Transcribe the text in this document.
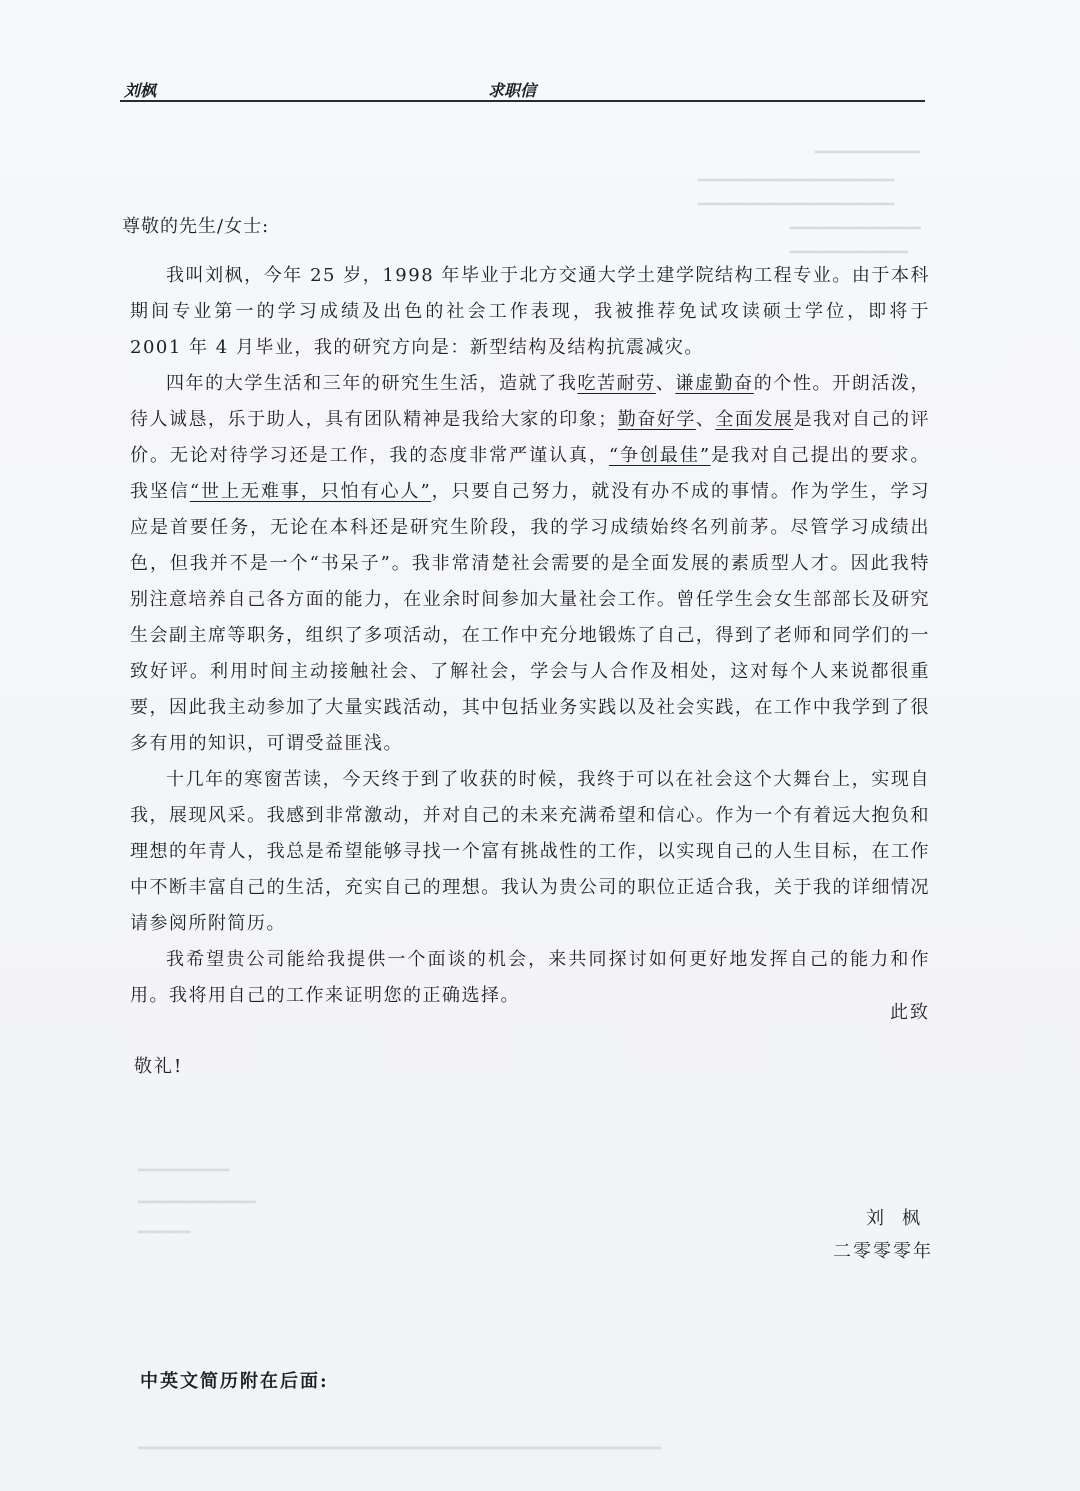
▁▁▁▁▁▁▁▁
▁▁▁▁▁▁▁▁▁▁▁▁▁▁▁
▁▁▁▁▁▁▁▁▁▁▁▁▁▁▁
▁▁▁▁▁▁▁▁▁▁
▁▁▁▁▁▁▁▁▁
▁▁▁▁▁▁▁
▁▁▁▁▁▁▁▁▁
▁▁▁▁
▁▁▁▁▁▁▁▁▁▁▁▁▁▁▁▁▁▁▁▁▁▁▁▁▁▁▁▁▁▁▁▁▁▁▁▁▁▁▁▁
刘枫	求职信
尊敬的先生/女士:

我叫刘枫，今年 25 岁，1998 年毕业于北方交通大学土建学院结构工程专业。由于本科期间专业第一的学习成绩及出色的社会工作表现，我被推荐免试攻读硕士学位，即将于 2001 年 4 月毕业，我的研究方向是：新型结构及结构抗震减灾。

四年的大学生活和三年的研究生生活，造就了我吃苦耐劳、谦虚勤奋的个性。开朗活泼，待人诚恳，乐于助人，具有团队精神是我给大家的印象；勤奋好学、全面发展是我对自己的评价。无论对待学习还是工作，我的态度非常严谨认真，“争创最佳”是我对自己提出的要求。我坚信“世上无难事，只怕有心人”，只要自己努力，就没有办不成的事情。作为学生，学习应是首要任务，无论在本科还是研究生阶段，我的学习成绩始终名列前茅。尽管学习成绩出色，但我并不是一个“书呆子”。我非常清楚社会需要的是全面发展的素质型人才。因此我特别注意培养自己各方面的能力，在业余时间参加大量社会工作。曾任学生会女生部部长及研究生会副主席等职务，组织了多项活动，在工作中充分地锻炼了自己，得到了老师和同学们的一致好评。利用时间主动接触社会、了解社会，学会与人合作及相处，这对每个人来说都很重要，因此我主动参加了大量实践活动，其中包括业务实践以及社会实践，在工作中我学到了很多有用的知识，可谓受益匪浅。

十几年的寒窗苦读，今天终于到了收获的时候，我终于可以在社会这个大舞台上，实现自我，展现风采。我感到非常激动，并对自己的未来充满希望和信心。作为一个有着远大抱负和理想的年青人，我总是希望能够寻找一个富有挑战性的工作，以实现自己的人生目标，在工作中不断丰富自己的生活，充实自己的理想。我认为贵公司的职位正适合我，关于我的详细情况请参阅所附简历。

我希望贵公司能给我提供一个面谈的机会，来共同探讨如何更好地发挥自己的能力和作用。我将用自己的工作来证明您的正确选择。

此致
敬礼!
刘枫
二零零零年
中英文简历附在后面:
